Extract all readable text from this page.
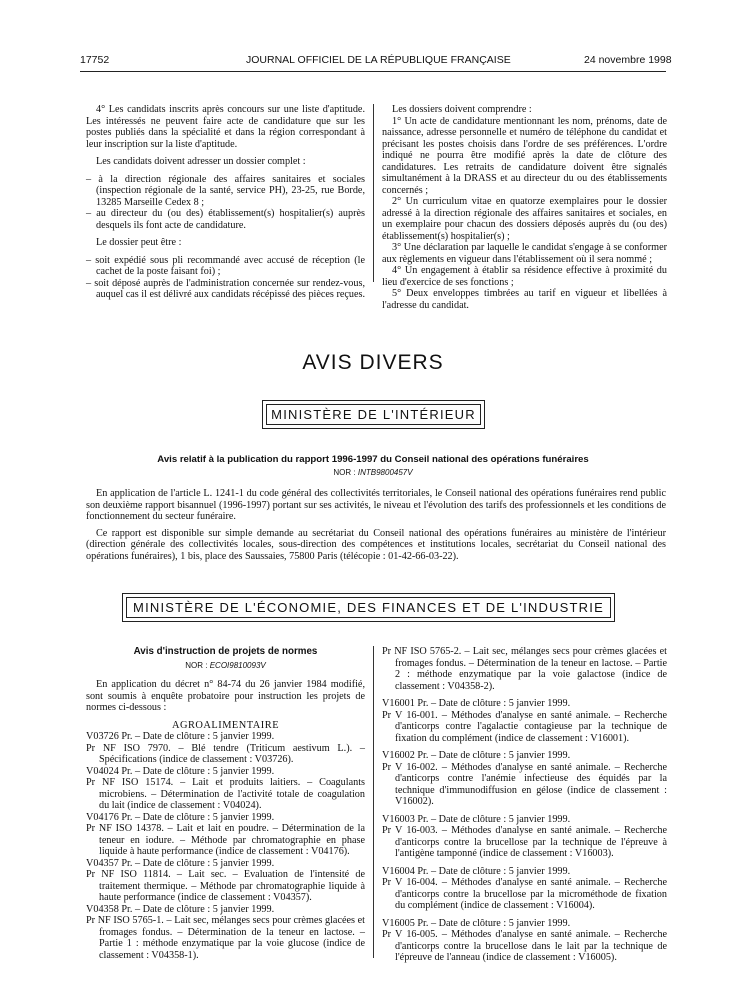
17752	JOURNAL OFFICIEL DE LA RÉPUBLIQUE FRANÇAISE	24 novembre 1998

4° Les candidats inscrits après concours sur une liste d'aptitude. Les intéressés ne peuvent faire acte de candidature que sur les postes publiés dans la spécialité et dans la région correspondant à leur inscription sur la liste d'aptitude.

Les candidats doivent adresser un dossier complet :

– à la direction régionale des affaires sanitaires et sociales (inspection régionale de la santé, service PH), 23-25, rue Borde, 13285 Marseille Cedex 8 ;

– au directeur du (ou des) établissement(s) hospitalier(s) auprès desquels ils font acte de candidature.

Le dossier peut être :

– soit expédié sous pli recommandé avec accusé de réception (le cachet de la poste faisant foi) ;

– soit déposé auprès de l'administration concernée sur rendez-vous, auquel cas il est délivré aux candidats récépissé des pièces reçues.

Les dossiers doivent comprendre :

1° Un acte de candidature mentionnant les nom, prénoms, date de naissance, adresse personnelle et numéro de téléphone du candidat et précisant les postes choisis dans l'ordre de ses préférences. L'ordre indiqué ne pourra être modifié après la date de clôture des candidatures. Les retraits de candidature doivent être signalés simultanément à la DRASS et au directeur du ou des établissements concernés ;

2° Un curriculum vitae en quatorze exemplaires pour le dossier adressé à la direction régionale des affaires sanitaires et sociales, en un exemplaire pour chacun des dossiers déposés auprès du (ou des) établissement(s) hospitalier(s) ;

3° Une déclaration par laquelle le candidat s'engage à se conformer aux règlements en vigueur dans l'établissement où il sera nommé ;

4° Un engagement à établir sa résidence effective à proximité du lieu d'exercice de ses fonctions ;

5° Deux enveloppes timbrées au tarif en vigueur et libellées à l'adresse du candidat.

AVIS DIVERS
MINISTÈRE DE L'INTÉRIEUR
Avis relatif à la publication du rapport 1996-1997 du Conseil national des opérations funéraires
NOR : INTB9800457V

En application de l'article L. 1241-1 du code général des collectivités territoriales, le Conseil national des opérations funéraires rend public son deuxième rapport bisannuel (1996-1997) portant sur ses activités, le niveau et l'évolution des tarifs des professionnels et les conditions de fonctionnement du secteur funéraire.

Ce rapport est disponible sur simple demande au secrétariat du Conseil national des opérations funéraires au ministère de l'intérieur (direction générale des collectivités locales, sous-direction des compétences et institutions locales, secrétariat du Conseil national des opérations funéraires), 1 bis, place des Saussaies, 75800 Paris (télécopie : 01-42-66-03-22).

MINISTÈRE DE L'ÉCONOMIE, DES FINANCES ET DE L'INDUSTRIE
Avis d'instruction de projets de normes
NOR : ECOI9810093V

En application du décret n° 84-74 du 26 janvier 1984 modifié, sont soumis à enquête probatoire pour instruction les projets de normes ci-dessous :

AGROALIMENTAIRE

V03726 Pr. – Date de clôture : 5 janvier 1999.

Pr NF ISO 7970. – Blé tendre (Triticum aestivum L.). – Spécifications (indice de classement : V03726).

V04024 Pr. – Date de clôture : 5 janvier 1999.

Pr NF ISO 15174. – Lait et produits laitiers. – Coagulants microbiens. – Détermination de l'activité totale de coagulation du lait (indice de classement : V04024).

V04176 Pr. – Date de clôture : 5 janvier 1999.

Pr NF ISO 14378. – Lait et lait en poudre. – Détermination de la teneur en iodure. – Méthode par chromatographie en phase liquide à haute performance (indice de classement : V04176).

V04357 Pr. – Date de clôture : 5 janvier 1999.

Pr NF ISO 11814. – Lait sec. – Evaluation de l'intensité de traitement thermique. – Méthode par chromatographie liquide à haute performance (indice de classement : V04357).

V04358 Pr. – Date de clôture : 5 janvier 1999.

Pr NF ISO 5765-1. – Lait sec, mélanges secs pour crèmes glacées et fromages fondus. – Détermination de la teneur en lactose. – Partie 1 : méthode enzymatique par la voie glucose (indice de classement : V04358-1).

Pr NF ISO 5765-2. – Lait sec, mélanges secs pour crèmes glacées et fromages fondus. – Détermination de la teneur en lactose. – Partie 2 : méthode enzymatique par la voie galactose (indice de classement : V04358-2).

V16001 Pr. – Date de clôture : 5 janvier 1999.

Pr V 16-001. – Méthodes d'analyse en santé animale. – Recherche d'anticorps contre l'agalactie contagieuse par la technique de fixation du complément (indice de classement : V16001).

V16002 Pr. – Date de clôture : 5 janvier 1999.

Pr V 16-002. – Méthodes d'analyse en santé animale. – Recherche d'anticorps contre l'anémie infectieuse des équidés par la technique d'immunodiffusion en gélose (indice de classement : V16002).

V16003 Pr. – Date de clôture : 5 janvier 1999.

Pr V 16-003. – Méthodes d'analyse en santé animale. – Recherche d'anticorps contre la brucellose par la technique de l'épreuve à l'antigène tamponné (indice de classement : V16003).

V16004 Pr. – Date de clôture : 5 janvier 1999.

Pr V 16-004. – Méthodes d'analyse en santé animale. – Recherche d'anticorps contre la brucellose par la microméthode de fixation du complément (indice de classement : V16004).

V16005 Pr. – Date de clôture : 5 janvier 1999.

Pr V 16-005. – Méthodes d'analyse en santé animale. – Recherche d'anticorps contre la brucellose dans le lait par la technique de l'épreuve de l'anneau (indice de classement : V16005).
